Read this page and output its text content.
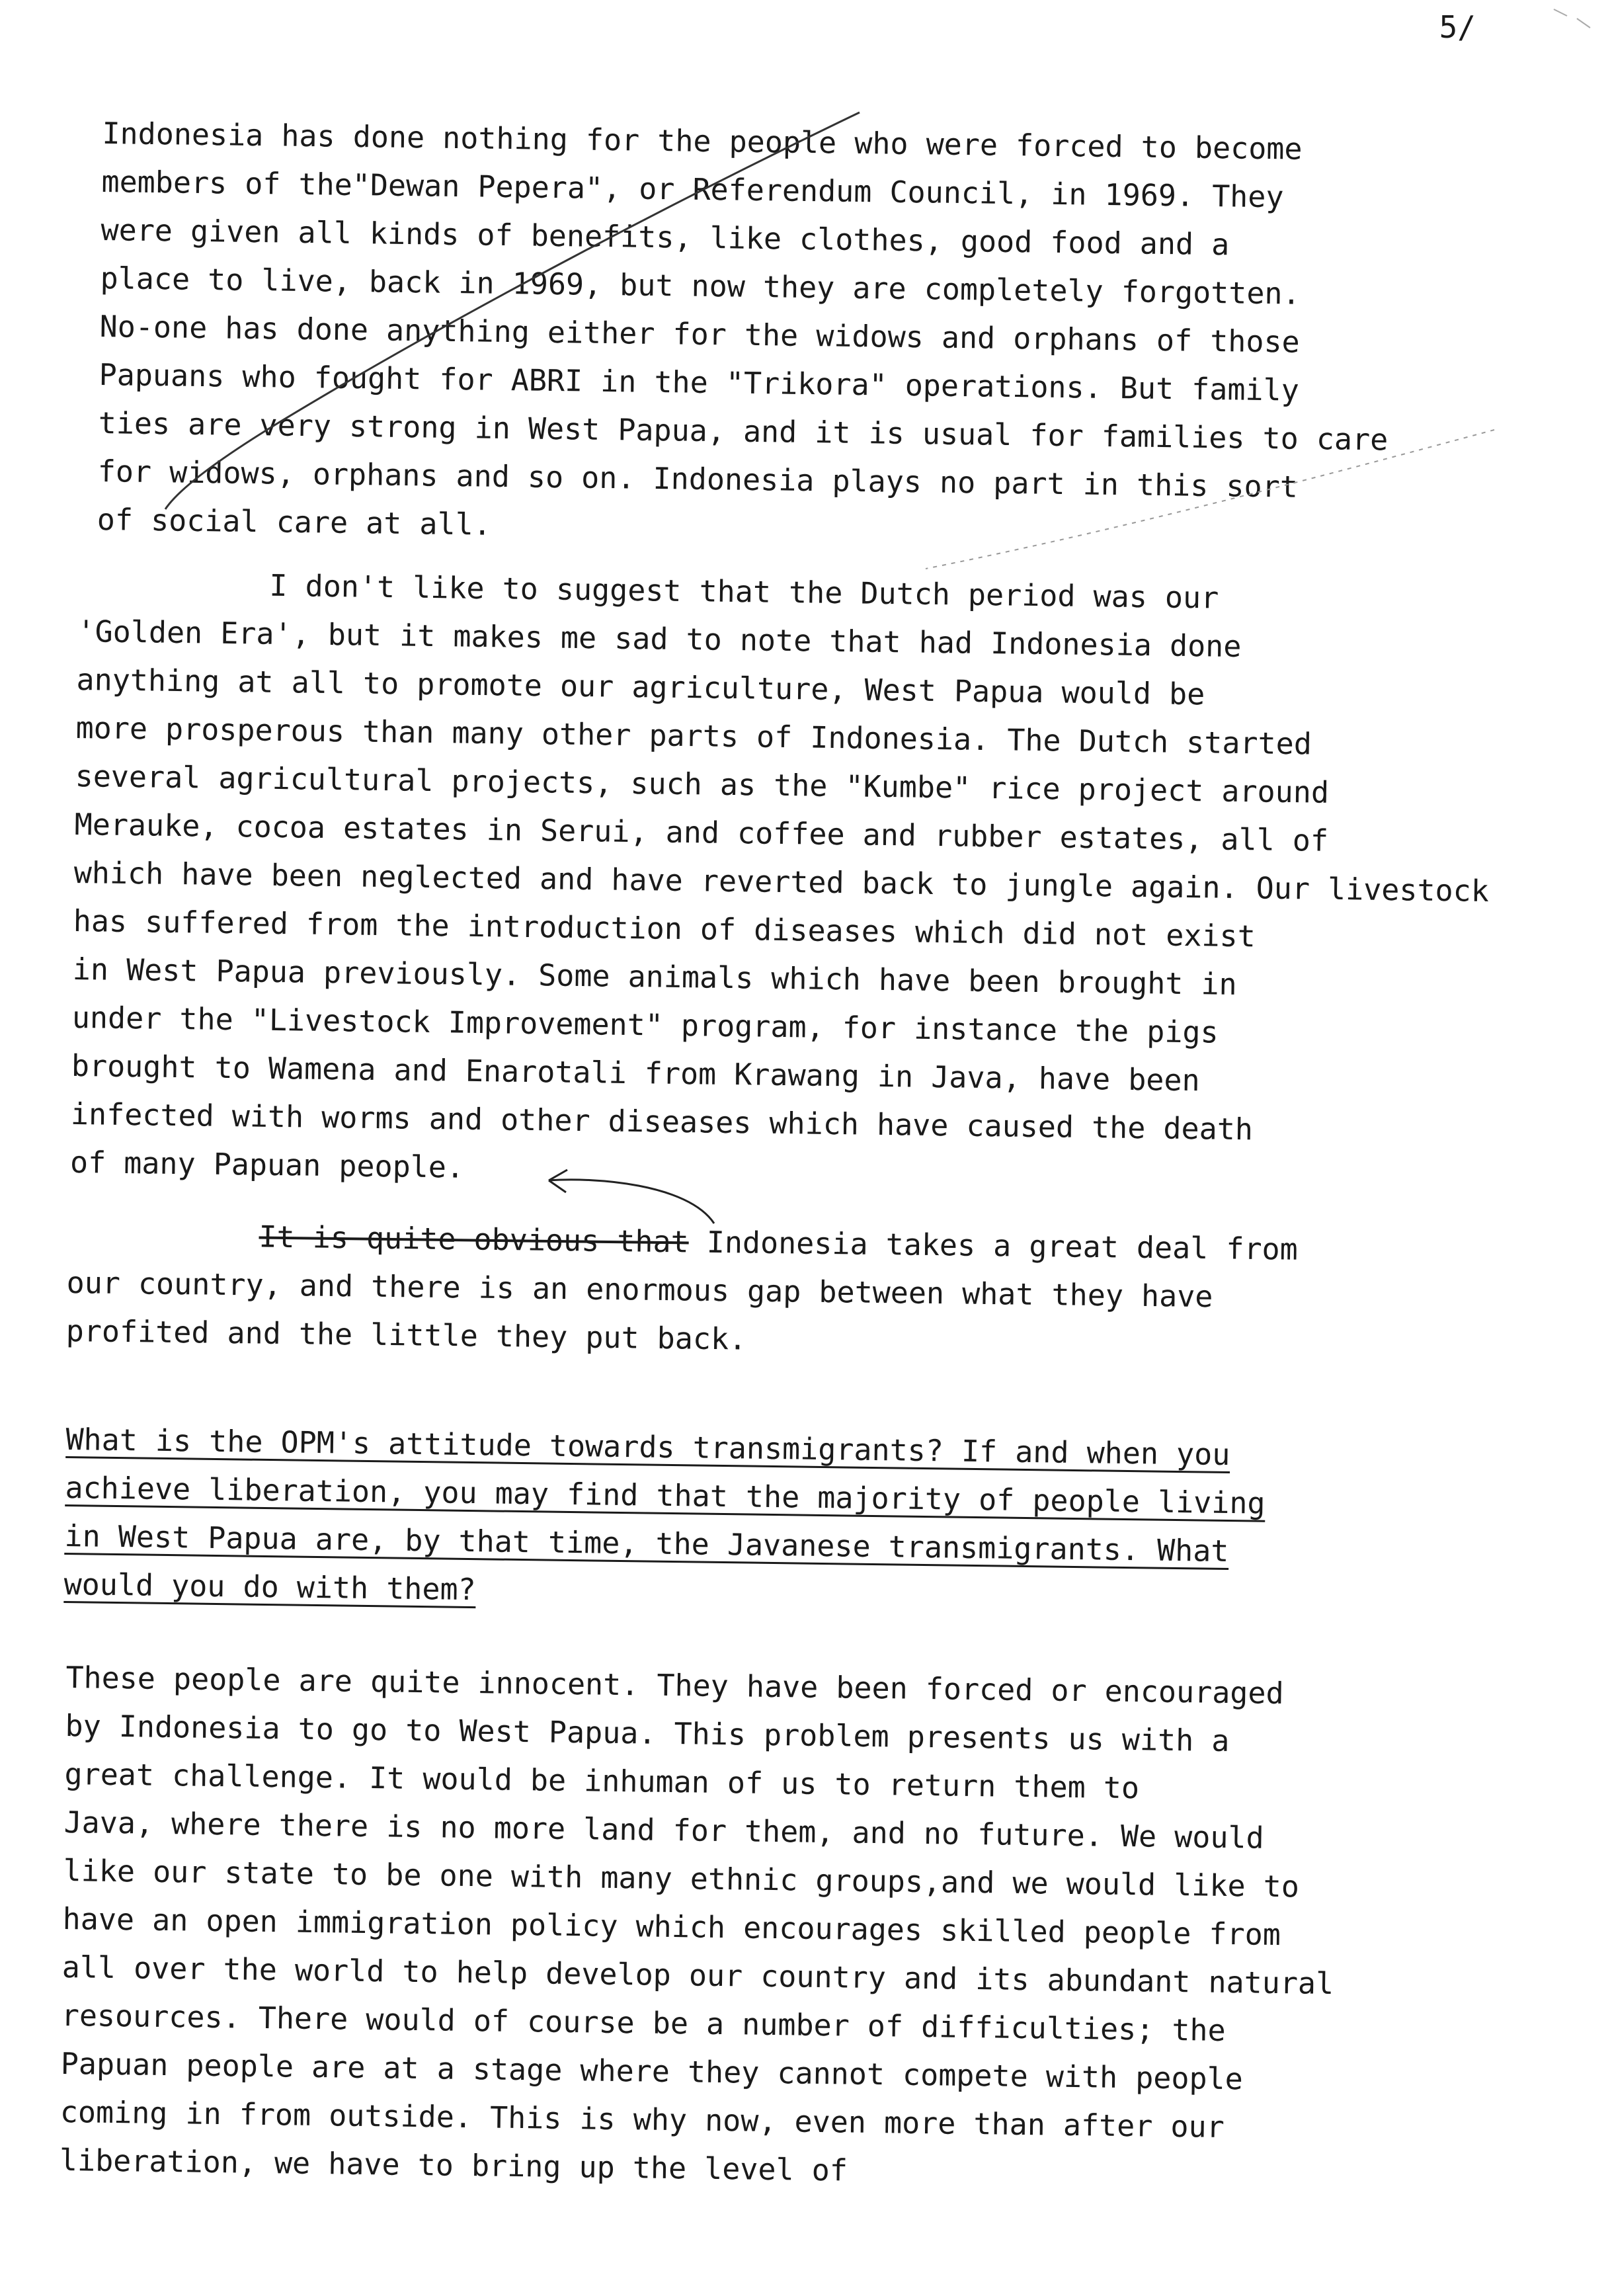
5/
Indonesia has done nothing for the people who were forced to become
members of the"Dewan Pepera", or Referendum Council, in 1969. They
were given all kinds of benefits, like clothes, good food and a
place to live, back in 1969, but now they are completely forgotten.
No-one has done anything either for the widows and orphans of those
Papuans who fought for ABRI in the "Trikora" operations. But family
ties are very strong in West Papua, and it is usual for families to care
for widows, orphans and so on. Indonesia plays no part in this sort
of social care at all.
I don't like to suggest that the Dutch period was our
'Golden Era', but it makes me sad to note that had Indonesia done
anything at all to promote our agriculture, West Papua would be
more prosperous than many other parts of Indonesia. The Dutch started
several agricultural projects, such as the "Kumbe" rice project around
Merauke, cocoa estates in Serui, and coffee and rubber estates, all of
which have been neglected and have reverted back to jungle again. Our livestock
has suffered from the introduction of diseases which did not exist
in West Papua previously. Some animals which have been brought in
under the "Livestock Improvement" program, for instance the pigs
brought to Wamena and Enarotali from Krawang in Java, have been
infected with worms and other diseases which have caused the death
of many Papuan people.
It is quite obvious that Indonesia takes a great deal from
our country, and there is an enormous gap between what they have
profited and the little they put back.
What is the OPM's attitude towards transmigrants? If and when you
achieve liberation, you may find that the majority of people living
in West Papua are, by that time, the Javanese transmigrants. What
would you do with them?
These people are quite innocent. They have been forced or encouraged
by Indonesia to go to West Papua. This problem presents us with a
great challenge. It would be inhuman of us to return them to
Java, where there is no more land for them, and no future. We would
like our state to be one with many ethnic groups,and we would like to
have an open immigration policy which encourages skilled people from
all over the world to help develop our country and its abundant natural
resources. There would of course be a number of difficulties; the
Papuan people are at a stage where they cannot compete with people
coming in from outside. This is why now, even more than after our
liberation, we have to bring up the level of
